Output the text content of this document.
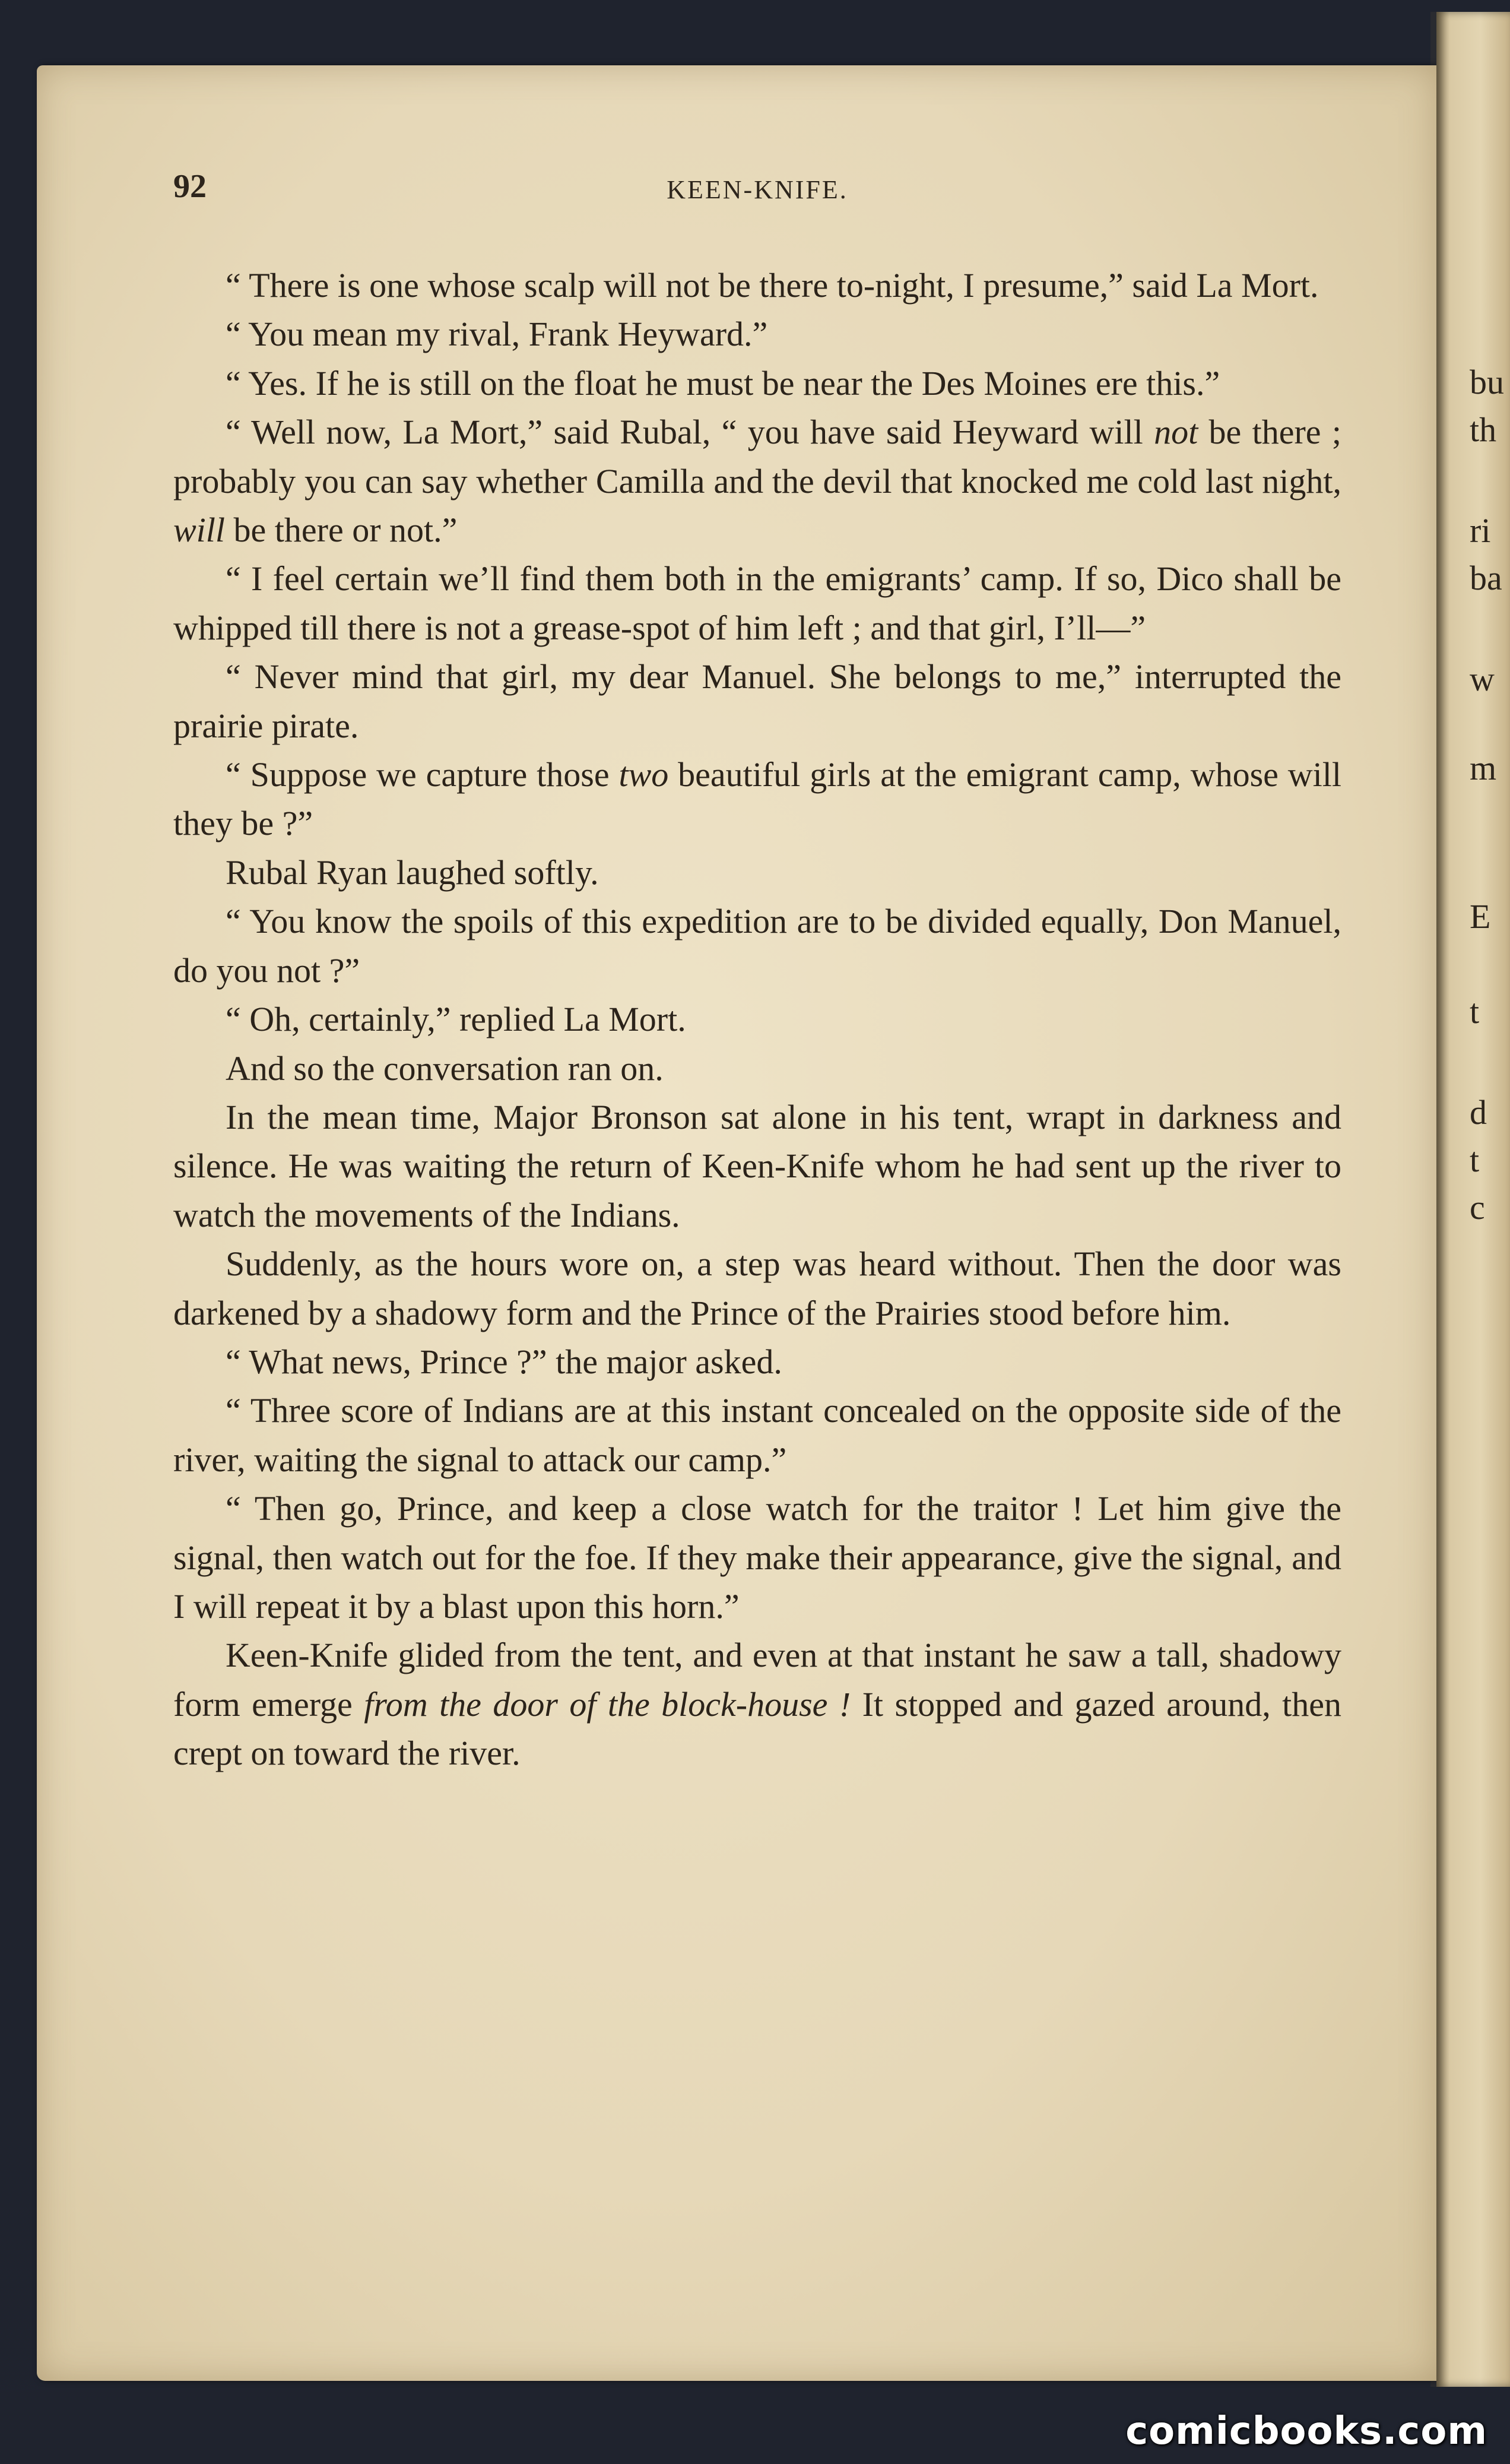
bu
th
ri
ba
w
m
E
t
d
t
c
92	KEEN-KNIFE.

“ There is one whose scalp will not be there to-night, I presume,” said La Mort.

“ You mean my rival, Frank Heyward.”

“ Yes. If he is still on the float he must be near the Des Moines ere this.”

“ Well now, La Mort,” said Rubal, “ you have said Heyward will not be there ; probably you can say whether Camilla and the devil that knocked me cold last night, will be there or not.”

“ I feel certain we’ll find them both in the emigrants’ camp. If so, Dico shall be whipped till there is not a grease-spot of him left ; and that girl, I’ll—”

“ Never mind that girl, my dear Manuel. She belongs to me,” interrupted the prairie pirate.

“ Suppose we capture those two beautiful girls at the emigrant camp, whose will they be ?”

Rubal Ryan laughed softly.

“ You know the spoils of this expedition are to be divided equally, Don Manuel, do you not ?”

“ Oh, certainly,” replied La Mort.

And so the conversation ran on.

In the mean time, Major Bronson sat alone in his tent, wrapt in darkness and silence. He was waiting the return of Keen-Knife whom he had sent up the river to watch the movements of the Indians.

Suddenly, as the hours wore on, a step was heard without. Then the door was darkened by a shadowy form and the Prince of the Prairies stood before him.

“ What news, Prince ?” the major asked.

“ Three score of Indians are at this instant concealed on the opposite side of the river, waiting the signal to attack our camp.”

“ Then go, Prince, and keep a close watch for the traitor ! Let him give the signal, then watch out for the foe. If they make their appearance, give the signal, and I will repeat it by a blast upon this horn.”

Keen-Knife glided from the tent, and even at that instant he saw a tall, shadowy form emerge from the door of the block-house ! It stopped and gazed around, then crept on toward the river.

comicbooks.com
